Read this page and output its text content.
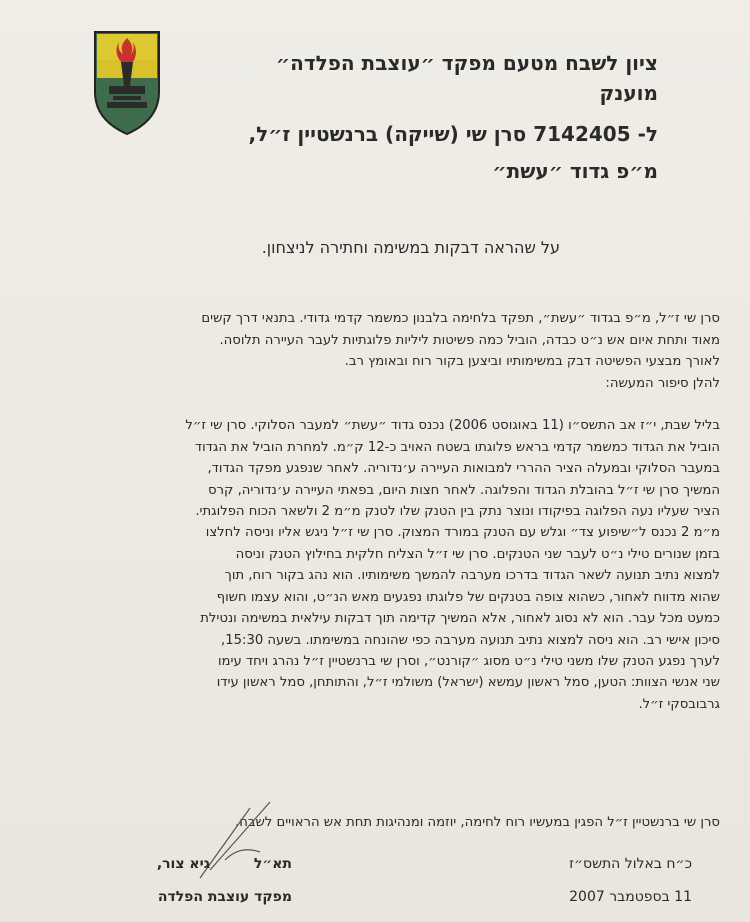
ציון לשבח מטעם מפקד ״עוצבת הפלדה״
מוענק
ל- 7142405 סרן שי (שייקה) ברנשטיין ז״ל,
מ״פ גדוד ״עשת״
על שהראה דבקות במשימה וחתירה לניצחון.

סרן שי ז״ל, מ״פ בגדוד ״עשת״, תפקד בלחימה בלבנון כמשמר קדמי גדודי. בתנאי דרך קשים
מאוד ותחת איום אש נ״ט כבדה, הוביל כמה פשיטות ליליות פלוגתיות לעבר העיירה תלוסה.
לאורך מבצעי הפשיטה דבק במשימותיו וביצען בקור רוח ובאומץ רב.
להלן סיפור המעשה:

בליל שבת, י״ז אב התשס״ו (11 באוגוסט 2006) נכנס גדוד ״עשת״ למעבר הסלוקי. סרן שי ז״ל
הוביל את הגדוד כמשמר קדמי בראש פלוגתו בשטח האויב כ-12 ק״מ. למחרת הוביל את הגדוד
במעבר הסלוקי ובמעלה הציר ההררי למבואות העיירה ע׳נדוריה. לאחר שנפגע מפקד הגדוד,
המשיך סרן שי ז״ל בהובלת הגדוד והפלוגה. לאחר חצות היום, בפאתי העיירה ע׳נדוריה, קרס
הציר שעליו נעה הפלוגה בפיקודו ונוצר נתק בין הטנק שלו לטנק מ״מ 2 ולשאר הכוח הפלוגתי.
מ״מ 2 נכנס ל״שיפוע צד״ וגלש עם הטנק במורד המצוק. סרן שי ז״ל ניגש אליו וניסה לחלצו
בזמן שנורים טילי נ״ט לעבר שני הטנקים. סרן שי ז״ל הצליח חלקית בחילוץ הטנק וניסה
למצוא נתיב תנועה לשאר הגדוד בדרכו מערבה להמשך משימותיו. הוא נהג בקור רוח, תוך
שהוא מדווח לאחור, כשהוא צופה בטנקים של פלוגתו נפגעים מאש הנ״ט, והוא עצמו חשוף
כמעט מכל עבר. הוא לא נסוג לאחור, אלא המשיך קדימה תוך דבקות עילאית במשימה ונטילת
סיכון אישי רב. הוא ניסה למצוא נתיב תנועה מערבה כפי שהונחה במשימתו. בשעה 15:30,
לערך נפגע הטנק שלו משני טילי נ״ט מסוג ״קורנט״, וסרן שי ברנשטיין ז״ל נהרג ויחד עימו
שני אנשי הצוות: הטען, סמל ראשון עמשא (ישראל) משולמי ז״ל, והתותחן, סמל ראשון עידו
גרבובסקי ז״ל.

סרן שי ברנשטיין ז״ל הפגין במעשיו רוח לחימה, יוזמה ומנהיגות תחת אש הראויים לשבח.
תא״ל         גיא צור,
מפקד עוצבת הפלדה
כ״ח באלול התשס״ז
11 בספטמבר 2007
